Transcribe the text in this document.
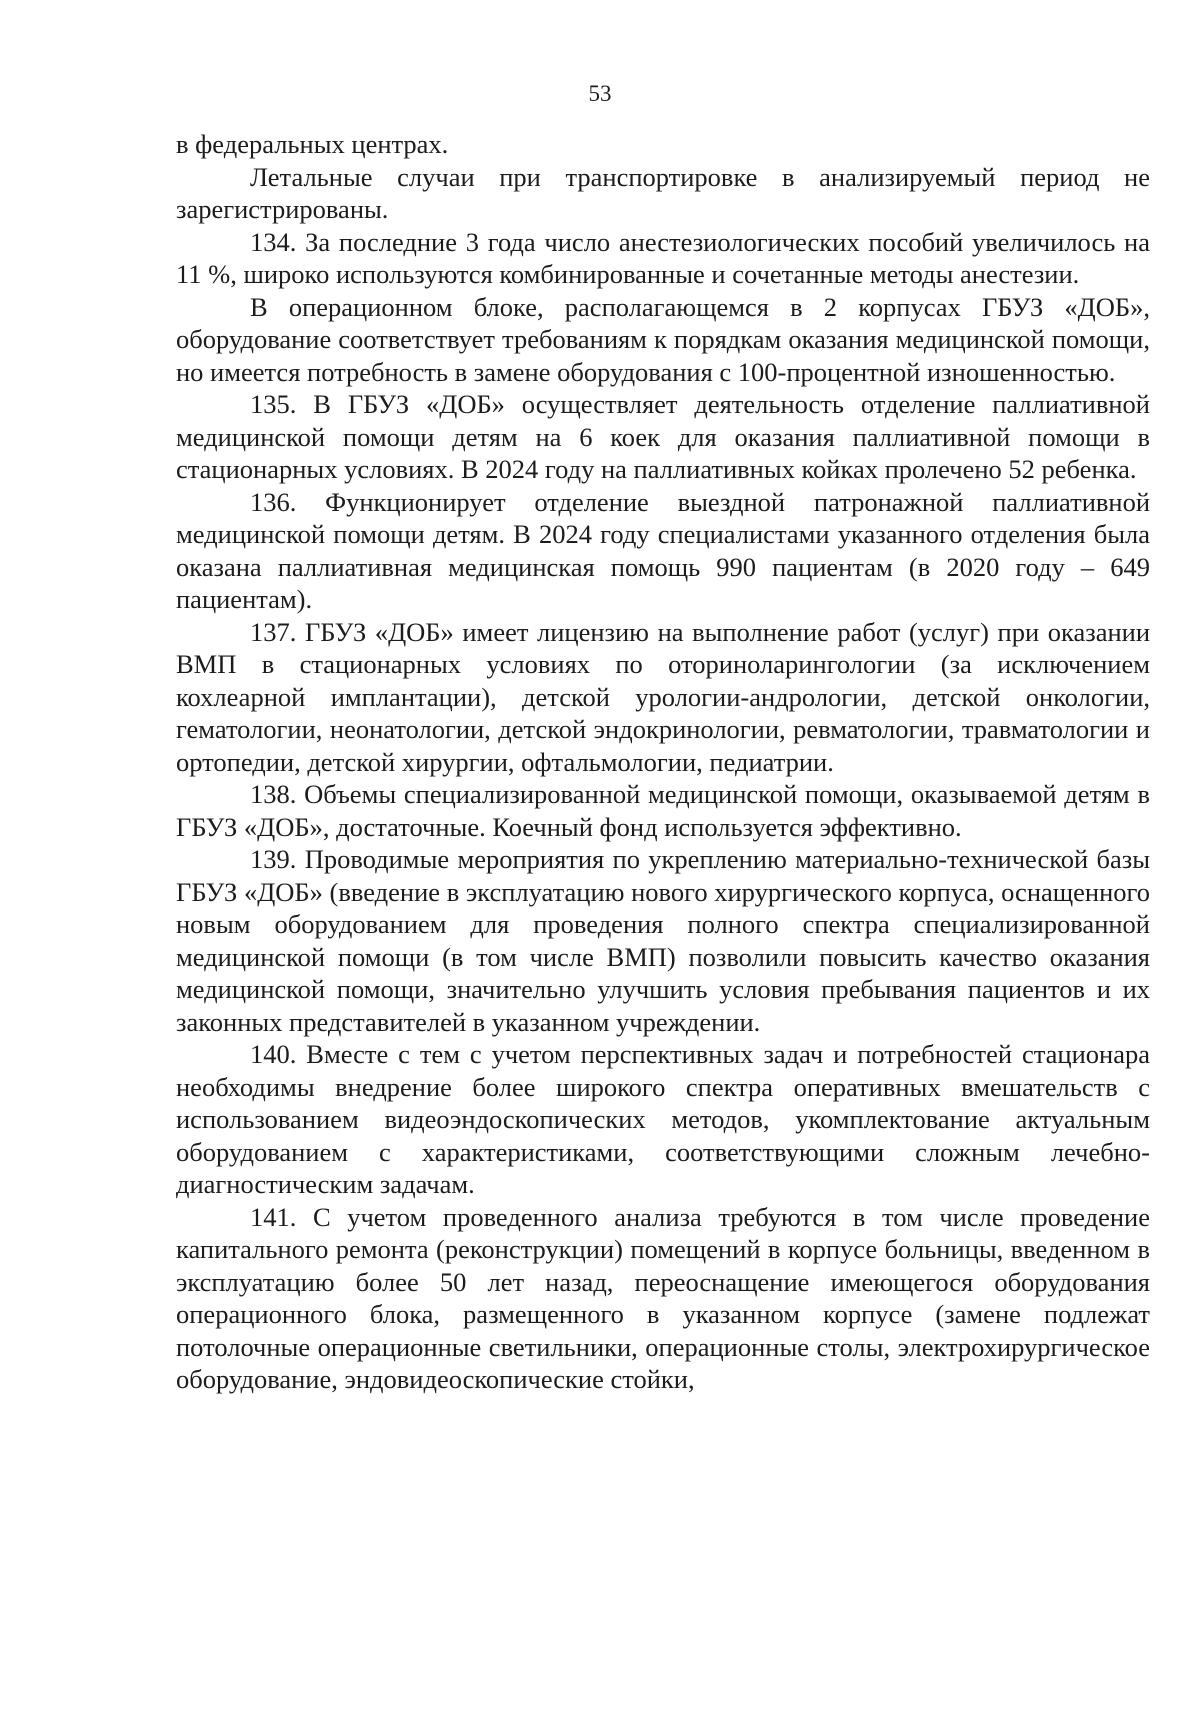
53

в федеральных центрах.

Летальные случаи при транспортировке в анализируемый период не зарегистрированы.

134. За последние 3 года число анестезиологических пособий увеличилось на 11 %, широко используются комбинированные и сочетанные методы анестезии.

В операционном блоке, располагающемся в 2 корпусах ГБУЗ «ДОБ», оборудование соответствует требованиям к порядкам оказания медицинской помощи, но имеется потребность в замене оборудования с 100-процентной изношенностью.

135. В ГБУЗ «ДОБ» осуществляет деятельность отделение паллиативной медицинской помощи детям на 6 коек для оказания паллиативной помощи в стационарных условиях. В 2024 году на паллиативных койках пролечено 52 ребенка.

136. Функционирует отделение выездной патронажной паллиативной медицинской помощи детям. В 2024 году специалистами указанного отделения была оказана паллиативная медицинская помощь 990 пациентам (в 2020 году – 649 пациентам).

137. ГБУЗ «ДОБ» имеет лицензию на выполнение работ (услуг) при оказании ВМП в стационарных условиях по оториноларингологии (за исключением кохлеарной имплантации), детской урологии-андрологии, детской онкологии, гематологии, неонатологии, детской эндокринологии, ревматологии, травматологии и ортопедии, детской хирургии, офтальмологии, педиатрии.

138. Объемы специализированной медицинской помощи, оказываемой детям в ГБУЗ «ДОБ», достаточные. Коечный фонд используется эффективно.

139. Проводимые мероприятия по укреплению материально-технической базы ГБУЗ «ДОБ» (введение в эксплуатацию нового хирургического корпуса, оснащенного новым оборудованием для проведения полного спектра специализированной медицинской помощи (в том числе ВМП) позволили повысить качество оказания медицинской помощи, значительно улучшить условия пребывания пациентов и их законных представителей в указанном учреждении.

140. Вместе с тем с учетом перспективных задач и потребностей стационара необходимы внедрение более широкого спектра оперативных вмешательств с использованием видеоэндоскопических методов, укомплектование актуальным оборудованием с характеристиками, соответствующими сложным лечебно-диагностическим задачам.

141. С учетом проведенного анализа требуются в том числе проведение капитального ремонта (реконструкции) помещений в корпусе больницы, введенном в эксплуатацию более 50 лет назад, переоснащение имеющегося оборудования операционного блока, размещенного в указанном корпусе (замене подлежат потолочные операционные светильники, операционные столы, электрохирургическое оборудование, эндовидеоскопические стойки,
